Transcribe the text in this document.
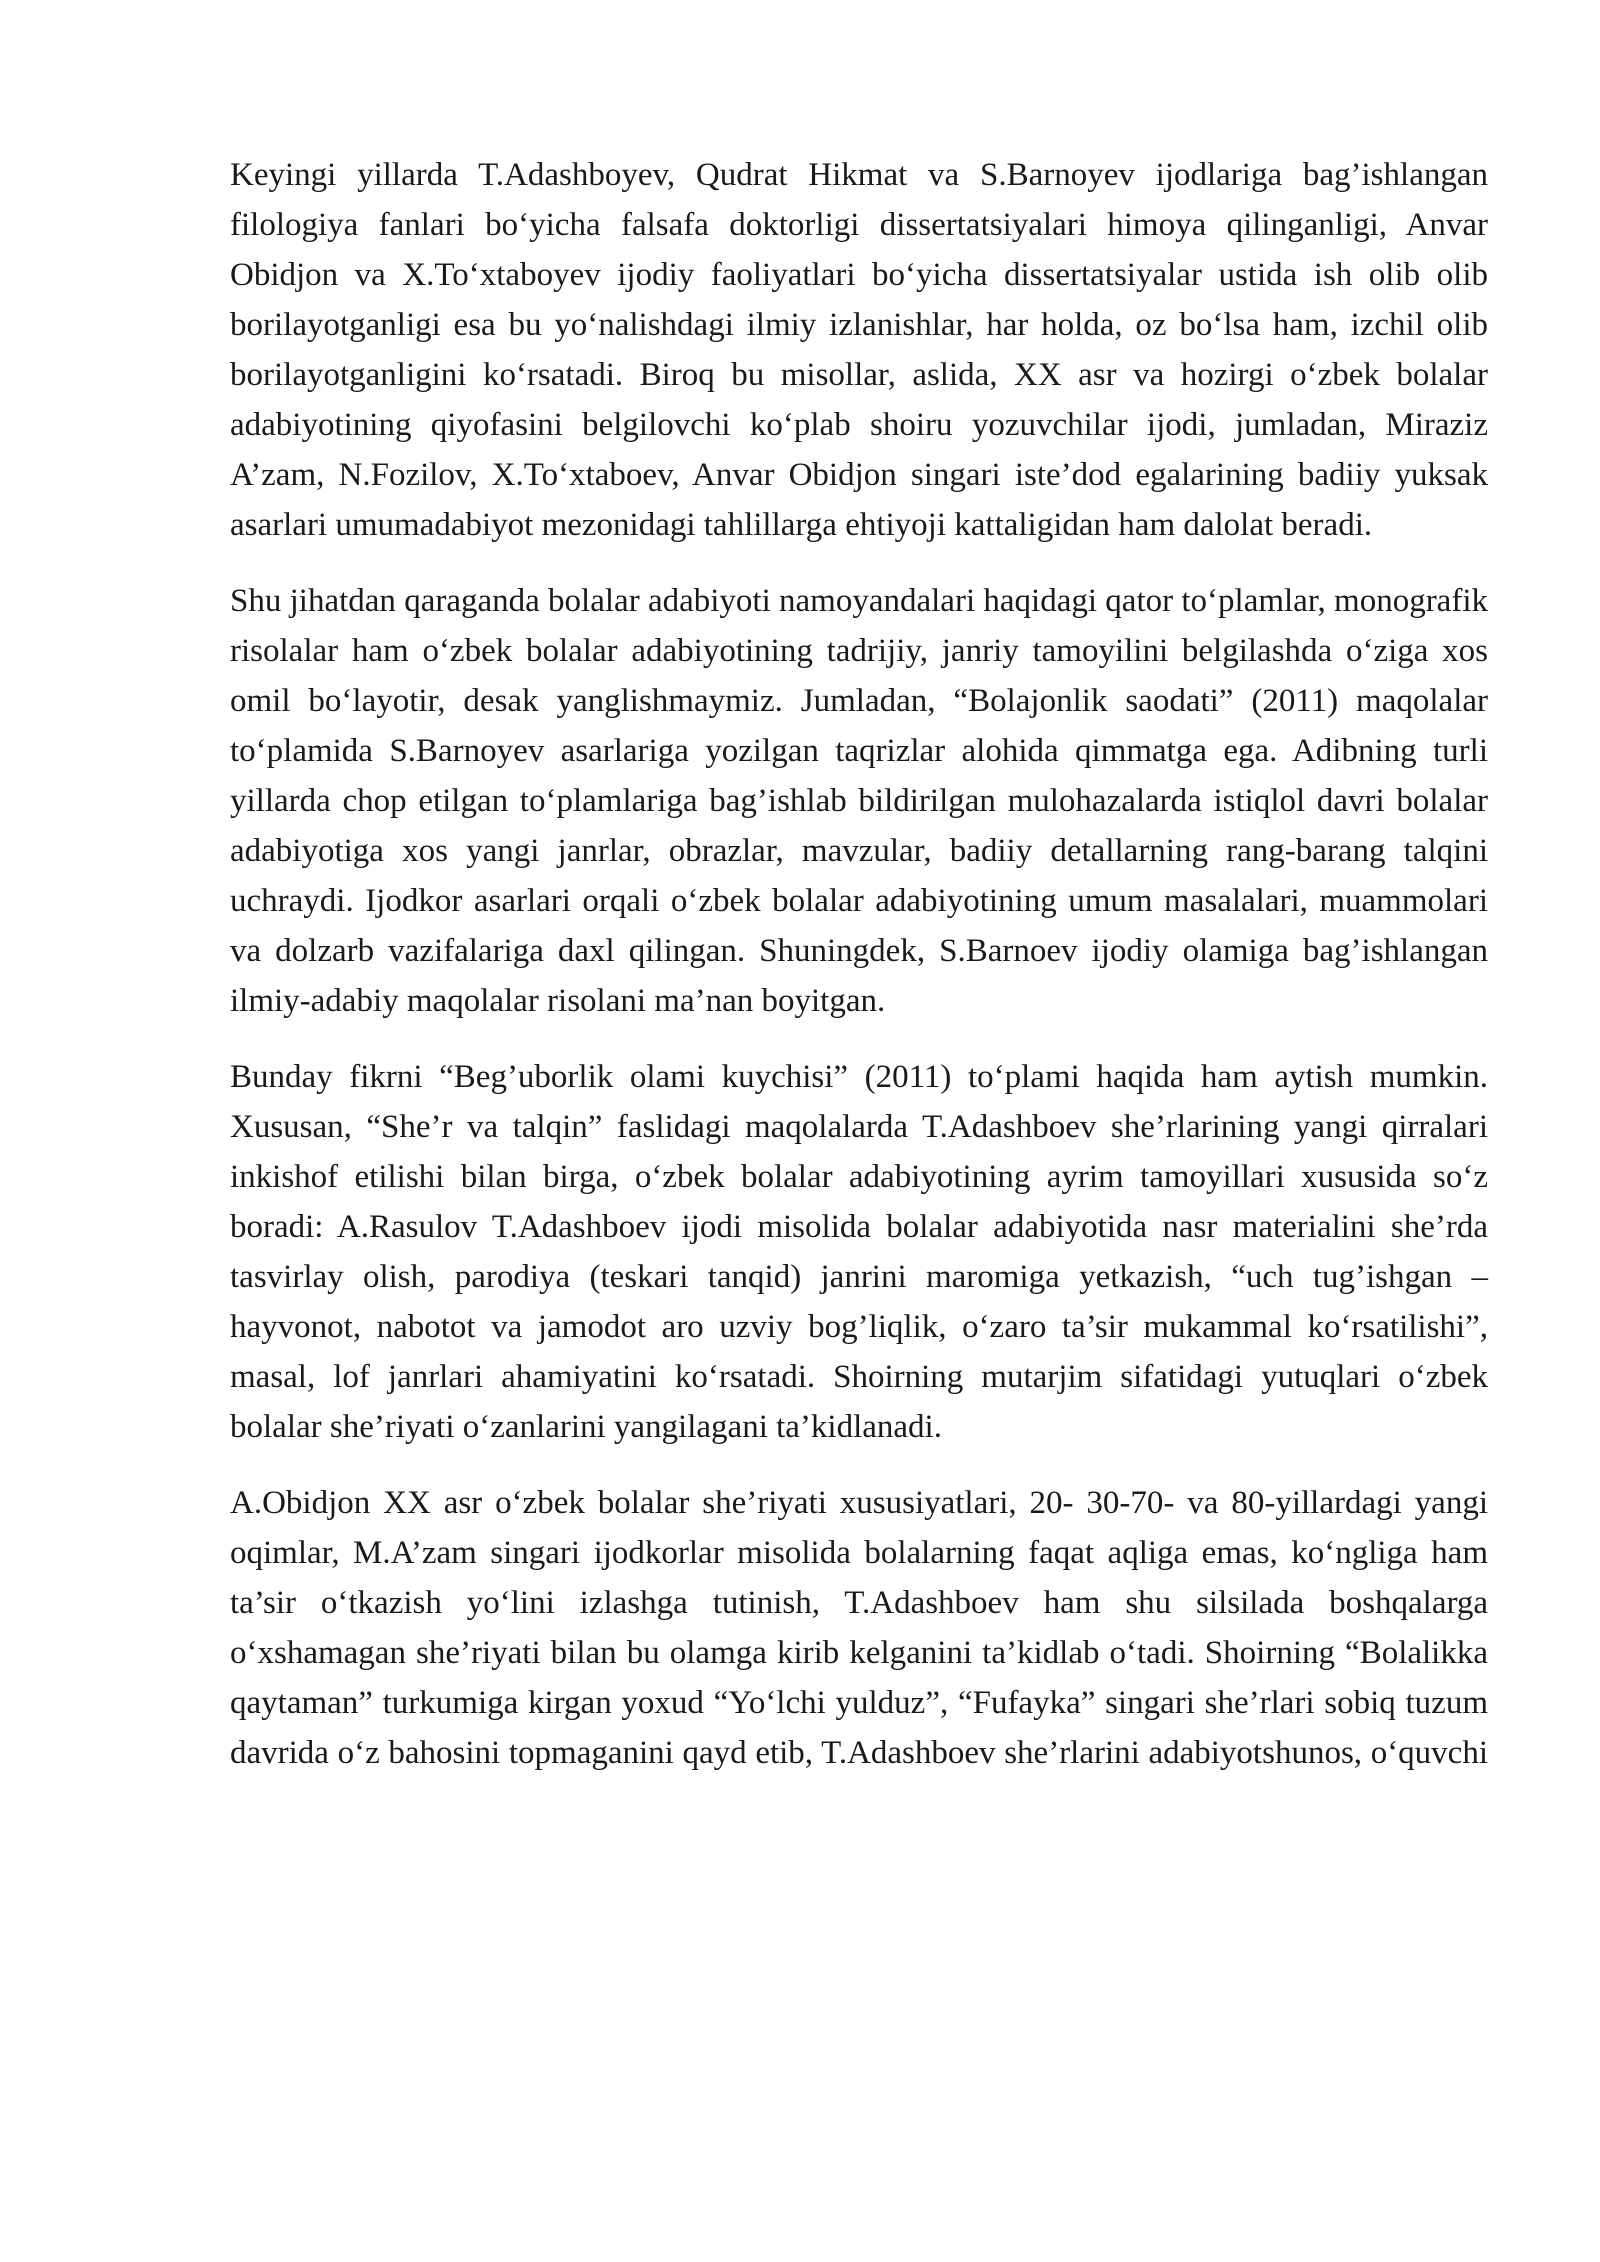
Keyingi yillarda T.Adashboyev, Qudrat Hikmat va S.Barnoyev ijodlariga bag’ishlangan filologiya fanlari bo‘yicha falsafa doktorligi dissertatsiyalari himoya qilinganligi, Anvar Obidjon va X.To‘xtaboyev ijodiy faoliyatlari bo‘yicha dissertatsiyalar ustida ish olib olib borilayotganligi esa bu yo‘nalishdagi ilmiy izlanishlar, har holda, oz bo‘lsa ham, izchil olib borilayotganligini ko‘rsatadi. Biroq bu misollar, aslida, XX asr va hozirgi o‘zbek bolalar adabiyotining qiyofasini belgilovchi ko‘plab shoiru yozuvchilar ijodi, jumladan, Miraziz A’zam, N.Fozilov, X.To‘xtaboev, Anvar Obidjon singari iste’dod egalarining badiiy yuksak asarlari umumadabiyot mezonidagi tahlillarga ehtiyoji kattaligidan ham dalolat beradi.

Shu jihatdan qaraganda bolalar adabiyoti namoyandalari haqidagi qator to‘plamlar, monografik risolalar ham o‘zbek bolalar adabiyotining tadrijiy, janriy tamoyilini belgilashda o‘ziga xos omil bo‘layotir, desak yanglishmaymiz. Jumladan, “Bolajonlik saodati” (2011) maqolalar to‘plamida S.Barnoyev asarlariga yozilgan taqrizlar alohida qimmatga ega. Adibning turli yillarda chop etilgan to‘plamlariga bag’ishlab bildirilgan mulohazalarda istiqlol davri bolalar adabiyotiga xos yangi janrlar, obrazlar, mavzular, badiiy detallarning rang-barang talqini uchraydi. Ijodkor asarlari orqali o‘zbek bolalar adabiyotining umum masalalari, muammolari va dolzarb vazifalariga daxl qilingan. Shuningdek, S.Barnoev ijodiy olamiga bag’ishlangan ilmiy-adabiy maqolalar risolani ma’nan boyitgan.

Bunday fikrni “Beg’uborlik olami kuychisi” (2011) to‘plami haqida ham aytish mumkin. Xususan, “She’r va talqin” faslidagi maqolalarda T.Adashboev she’rlarining yangi qirralari inkishof etilishi bilan birga, o‘zbek bolalar adabiyotining ayrim tamoyillari xususida so‘z boradi: A.Rasulov T.Adashboev ijodi misolida bolalar adabiyotida nasr materialini she’rda tasvirlay olish, parodiya (teskari tanqid) janrini maromiga yetkazish, “uch tug’ishgan – hayvonot, nabotot va jamodot aro uzviy bog’liqlik, o‘zaro ta’sir mukammal ko‘rsatilishi”, masal, lof janrlari ahamiyatini ko‘rsatadi. Shoirning mutarjim sifatidagi yutuqlari o‘zbek bolalar she’riyati o‘zanlarini yangilagani ta’kidlanadi.

A.Obidjon XX asr o‘zbek bolalar she’riyati xususiyatlari, 20- 30-70- va 80-yillardagi yangi oqimlar, M.A’zam singari ijodkorlar misolida bolalarning faqat aqliga emas, ko‘ngliga ham ta’sir o‘tkazish yo‘lini izlashga tutinish, T.Adashboev ham shu silsilada boshqalarga o‘xshamagan she’riyati bilan bu olamga kirib kelganini ta’kidlab o‘tadi. Shoirning “Bolalikka qaytaman” turkumiga kirgan yoxud “Yo‘lchi yulduz”, “Fufayka” singari she’rlari sobiq tuzum davrida o‘z bahosini topmaganini qayd etib, T.Adashboev she’rlarini adabiyotshunos, o‘quvchi
